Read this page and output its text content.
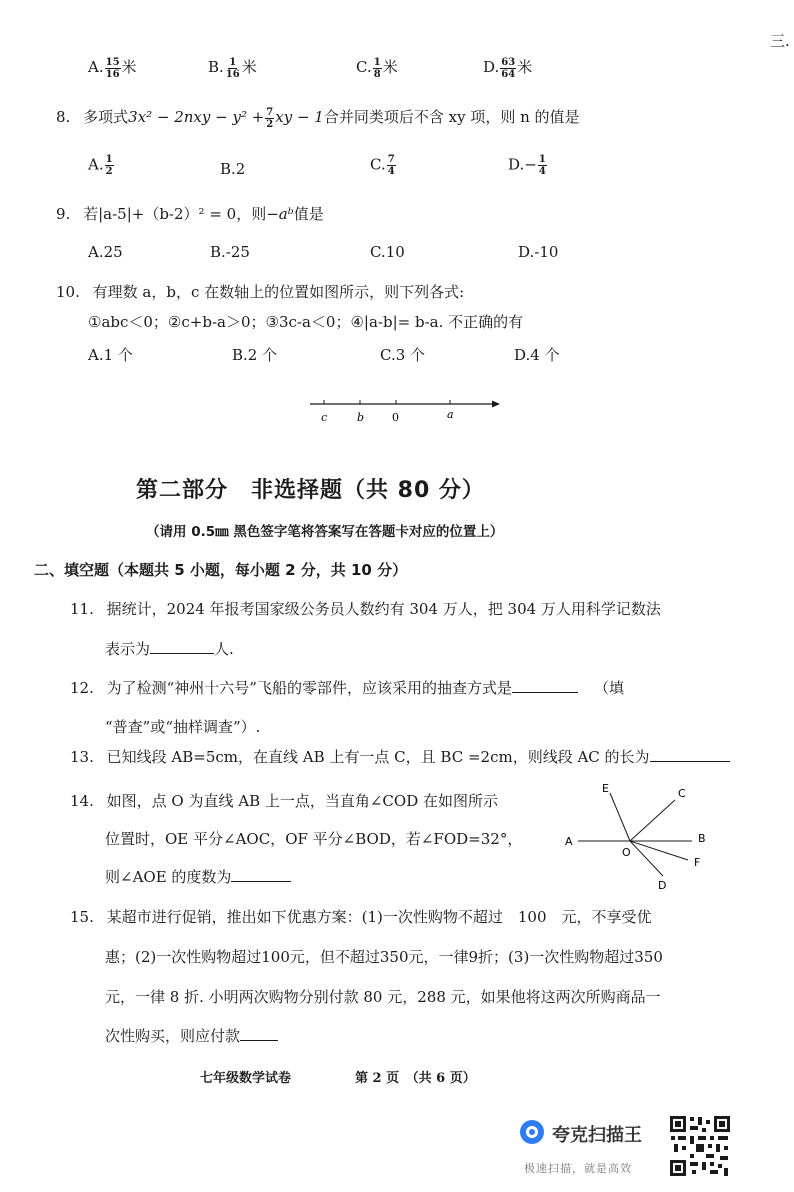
三.
A. $\frac{15}{16}$ 米	B. $\frac{1}{16}$ 米	C. $\frac{1}{8}$ 米	D. $\frac{63}{64}$ 米
8. 多项式$3x^2 - 2nxy - y^2 + \frac{7}{2}$ xy − 1合并同类项后不含 xy 项，则 n 的值是
A. $\frac{1}{2}$	B.2	C. $\frac{7}{4}$	$D.- \frac{1}{4}$
9. 若|a-5|+（b-2）² = 0，则−aᵇ值是
A.25	B.-25	C.10	D.-10
10. 有理数 a，b，c 在数轴上的位置如图所示，则下列各式:
①abc＜0；②c+b-a＞0；③3c-a＜0；④|a-b|= b-a. 不正确的有
A.1 个	B.2 个	C.3 个	D.4 个
c	b	0	a
第二部分　非选择题（共 80 分）
（请用 0.5㎜ 黑色签字笔将答案写在答题卡对应的位置上）
二、填空题（本题共 5 小题，每小题 2 分，共 10 分）
11. 据统计，2024 年报考国家级公务员人数约有 304 万人，把 304 万人用科学记数法
表示为	人.
12. 为了检测“神州十六号”飞船的零部件，应该采用的抽查方式是	（填
“普查”或“抽样调查”）.
13. 已知线段 AB=5cm，在直线 AB 上有一点 C，且 BC =2cm，则线段 AC 的长为
14. 如图，点 O 为直线 AB 上一点，当直角∠COD 在如图所示
位置时，OE 平分∠AOC，OF 平分∠BOD，若∠FOD=32°，
则∠AOE 的度数为
A	B
C
D
E
F
O
15. 某超市进行促销，推出如下优惠方案：(1)一次性购物不超过　100　元，不享受优
惠；(2)一次性购物超过100元，但不超过350元，一律9折；(3)一次性购物超过350
元，一律 8 折. 小明两次购物分别付款 80 元，288 元，如果他将这两次所购商品一
次性购买，则应付款
七年级数学试卷	第 2 页　（共 6 页）
夸克扫描王
极速扫描，就是高效
